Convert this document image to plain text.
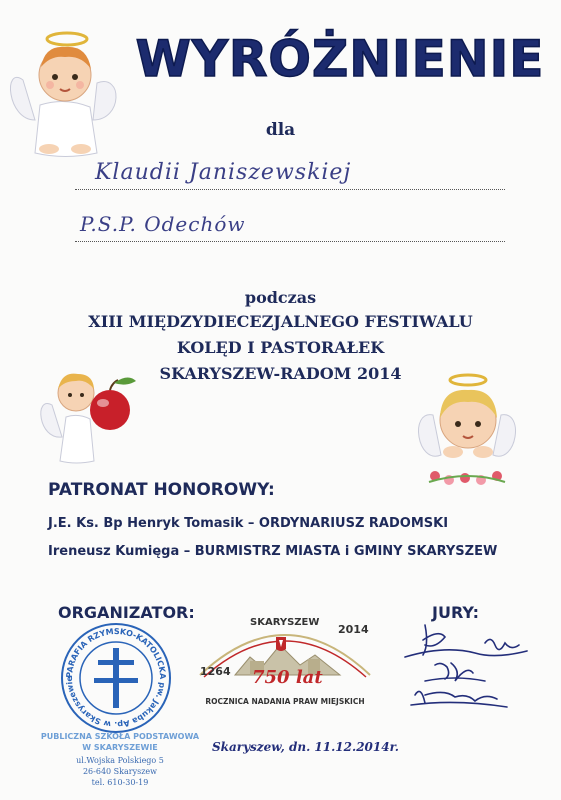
WYRÓŻNIENIE
dla
Klaudii Janiszewskiej
P.S.P. Odechów
podczas
XIII MIĘDZYDIECEZJALNEGO FESTIWALU
KOLĘD I PASTORAŁEK
SKARYSZEW-RADOM 2014
PATRONAT HONOROWY:
J.E. Ks. Bp Henryk Tomasik – ORDYNARIUSZ RADOMSKI
Ireneusz Kumięga – BURMISTRZ MIASTA i GMINY SKARYSZEW
ORGANIZATOR:	JURY:
PARAFIA RZYMSKO-KATOLICKA pw. Jakuba Ap. w Skaryszewie
PUBLICZNA SZKOŁA PODSTAWOWA
W SKARYSZEWIE
ul.Wojska Polskiego 5
26-640 Skaryszew
tel. 610-30-19
SKARYSZEW
2014
1264 750 lat
ROCZNICA NADANIA PRAW MIEJSKICH
Skaryszew, dn. 11.12.2014r.
